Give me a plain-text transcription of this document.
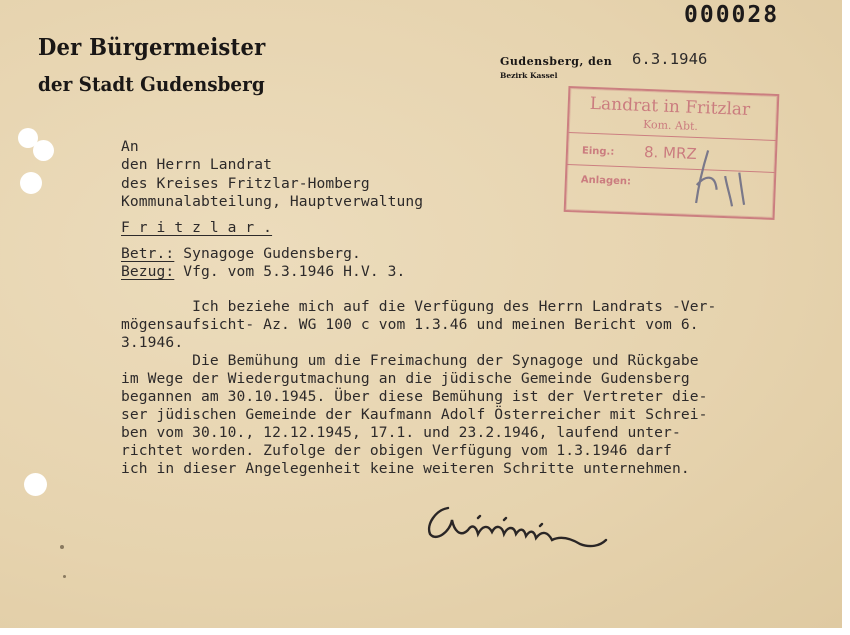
000028
Der Bürgermeister
der Stadt Gudensberg
Gudensberg, den
Bezirk Kassel
6.3.1946
Landrat in Fritzlar
Kom. Abt.
Eing.: 8. MRZ
Anlagen:
An
den Herrn Landrat
des Kreises Fritzlar-Homberg
Kommunalabteilung, Hauptverwaltung
F r i t z l a r .
Betr.: Synagoge Gudensberg.
Bezug: Vfg. vom 5.3.1946 H.V. 3.
Ich beziehe mich auf die Verfügung des Herrn Landrats -Ver-
mögensaufsicht- Az. WG 100 c vom 1.3.46 und meinen Bericht vom 6.
3.1946.
Die Bemühung um die Freimachung der Synagoge und Rückgabe
im Wege der Wiedergutmachung an die jüdische Gemeinde Gudensberg
begannen am 30.10.1945. Über diese Bemühung ist der Vertreter die-
ser jüdischen Gemeinde der Kaufmann Adolf Österreicher mit Schrei-
ben vom 30.10., 12.12.1945, 17.1. und 23.2.1946, laufend unter-
richtet worden. Zufolge der obigen Verfügung vom 1.3.1946 darf
ich in dieser Angelegenheit keine weiteren Schritte unternehmen.
